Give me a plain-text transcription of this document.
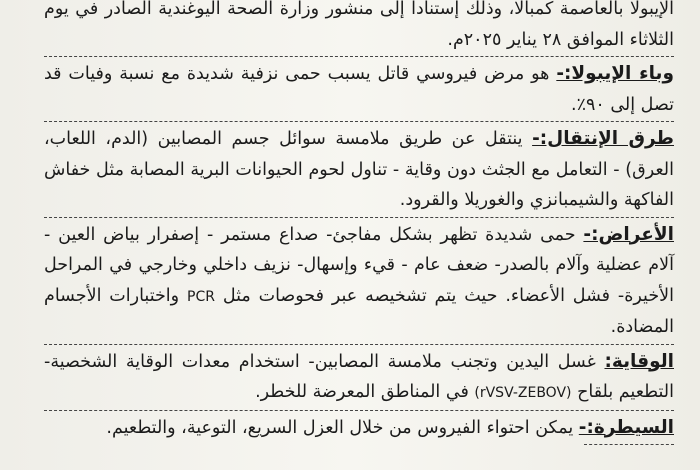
الإيبولا بالعاصمة كمبالا، وذلك إستناداً إلى منشور وزارة الصحة اليوغندية الصادر في يوم الثلاثاء الموافق ٢٨ يناير ٢٠٢٥م.

وباء الإيبولا:- هو مرض فيروسي قاتل يسبب حمى نزفية شديدة مع نسبة وفيات قد تصل إلى ٩٠٪.

طرق الإنتقال:- ينتقل عن طريق ملامسة سوائل جسم المصابين (الدم، اللعاب، العرق) - التعامل مع الجثث دون وقاية - تناول لحوم الحيوانات البرية المصابة مثل خفاش الفاكهة والشيمبانزي والغوريلا والقرود.

الأعراض:- حمى شديدة تظهر بشكل مفاجئ- صداع مستمر - إصفرار بياض العين - آلام عضلية وآلام بالصدر- ضعف عام - قيء وإسهال- نزيف داخلي وخارجي في المراحل الأخيرة- فشل الأعضاء. حيث يتم تشخيصه عبر فحوصات مثل PCR واختبارات الأجسام المضادة.

الوقاية: غسل اليدين وتجنب ملامسة المصابين- استخدام معدات الوقاية الشخصية- التطعيم بلقاح (rVSV-ZEBOV) في المناطق المعرضة للخطر.

السيطرة:- يمكن احتواء الفيروس من خلال العزل السريع، التوعية، والتطعيم.
